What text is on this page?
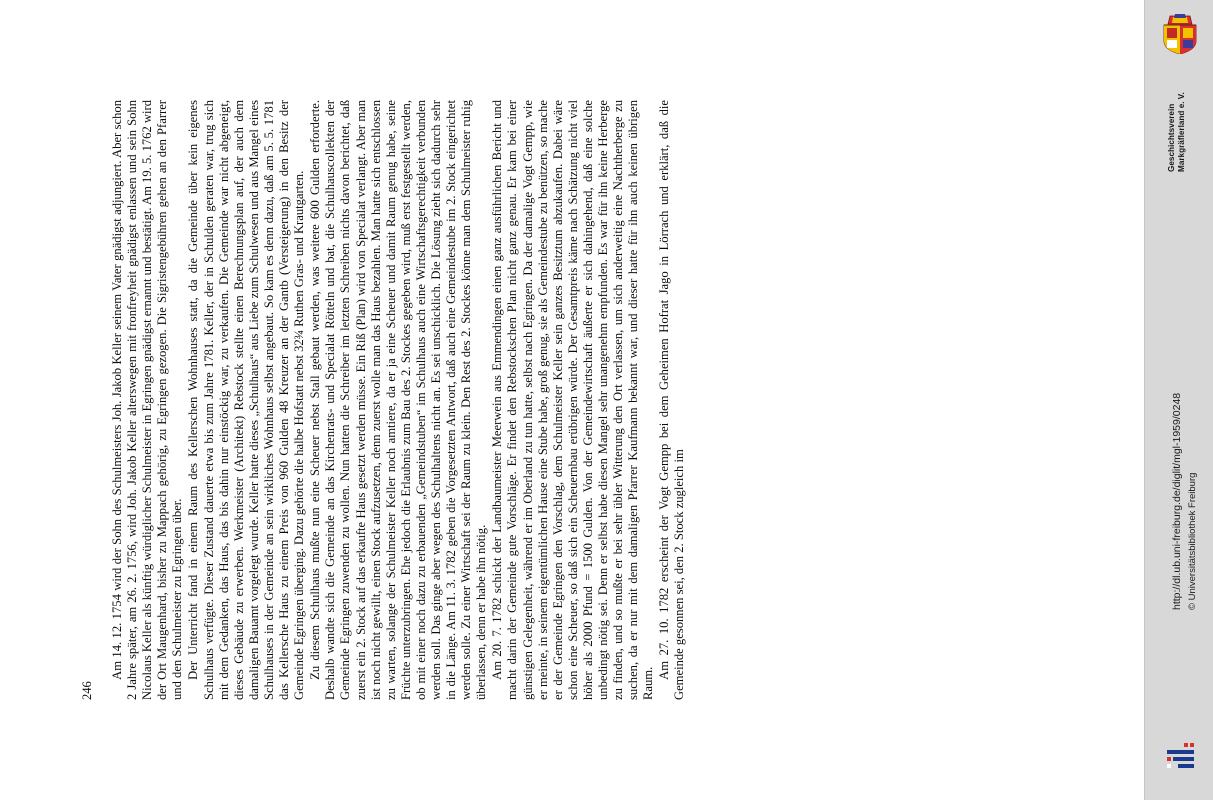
246

Am 14. 12. 1754 wird der Sohn des Schulmeisters Joh. Jakob Keller seinem Vater gnädigst adjungiert. Aber schon 2 Jahre später, am 26. 2. 1756, wird Joh. Jakob Keller alterswegen mit fronfreyheit gnädigst enlassen und sein Sohn Nicolaus Keller als künftig würdiglicher Schulmeister in Egringen gnädigst ernannt und bestätigt. Am 19. 5. 1762 wird der Ort Maugenhard, bisher zu Mappach gehörig, zu Egringen gezogen. Die Sigristengebühren gehen an den Pfarrer und den Schulmeister zu Egringen über. Der Unterricht fand in einem Raum des Kellerschen Wohnhauses statt, da die Gemeinde über kein eigenes Schulhaus verfügte. Dieser Zustand dauerte etwa bis zum Jahre 1781. Keller, der in Schulden geraten war, trug sich mit dem Gedanken, das Haus, das bis dahin nur einstöckig war, zu verkaufen. Die Gemeinde war nicht abgeneigt, dieses Gebäude zu erwerben. Werkmeister (Architekt) Rebstock stellte einen Berechnungsplan auf, der auch dem damaligen Bauamt vorgelegt wurde. Keller hatte dieses „Schulhaus“ aus Liebe zum Schulwesen und aus Mangel eines Schulhauses in der Gemeinde an sein wirkliches Wohnhaus selbst angebaut. So kam es denn dazu, daß am 5. 5. 1781 das Kellersche Haus zu einem Preis von 960 Gulden 48 Kreuzer an der Gantb (Versteigerung) in den Besitz der Gemeinde Egringen überging. Dazu gehörte die halbe Hofstatt nebst 32¾ Ruthen Gras- und Krautgarten. Zu diesem Schulhaus mußte nun eine Scheuer nebst Stall gebaut werden, was weitere 600 Gulden erforderte. Deshalb wandte sich die Gemeinde an das Kirchenrats- und Specialat Rötteln und bat, die Schulhauscollekten der Gemeinde Egringen zuwenden zu wollen. Nun hatten die Schreiber im letzten Schreiben nichts davon berichtet, daß zuerst ein 2. Stock auf das erkaufte Haus gesetzt werden müsse. Ein Riß (Plan) wird von Specialat verlangt. Aber man ist noch nicht gewillt, einen Stock aufzusetzen, denn zuerst wolle man das Haus bezahlen. Man hatte sich entschlossen zu warten, solange der Schulmeister Keller noch amtiere, da er ja eine Scheuer und damit Raum genug habe, seine Früchte unterzubringen. Ehe jedoch die Erlaubnis zum Bau des 2. Stockes gegeben wird, muß erst festgestellt werden, ob mit einer noch dazu zu erbauenden „Gemeindstuben“ im Schulhaus auch eine Wirtschaftsgerechtigkeit verbunden werden soll. Das ginge aber wegen des Schulhaltens nicht an. Es sei unschicklich. Die Lösung zieht sich dadurch sehr in die Länge. Am 11. 3. 1782 geben die Vorgesetzten Antwort, daß auch eine Gemeindestube im 2. Stock eingerichtet werden solle. Zu einer Wirtschaft sei der Raum zu klein. Den Rest des 2. Stockes könne man dem Schulmeister ruhig überlassen, denn er habe ihn nötig. Am 20. 7. 1782 schickt der Landbaumeister Meerwein aus Emmendingen einen ganz ausführlichen Bericht und macht darin der Gemeinde gute Vorschläge. Er findet den Rebstockschen Plan nicht ganz genau. Er kam bei einer günstigen Gelegenheit, während er im Oberland zu tun hatte, selbst nach Egringen. Da der damalige Vogt Gempp, wie er meinte, in seinem eigentümlichen Hause eine Stube habe, groß genug, sie als Gemeindestube zu benützen, so mache er der Gemeinde Egringen den Vorschlag, dem Schulmeister Keller sein ganzes Besitztum abzukaufen. Dabei wäre schon eine Scheuer, so daß sich ein Scheuernbau erübrigen würde. Der Gesamtpreis käme nach Schätzung nicht viel höher als 2000 Pfund = 1500 Gulden. Von der Gemeindewirtschaft äußerte er sich dahingehend, daß eine solche unbedingt nötig sei. Denn er selbst habe diesen Mangel sehr unangenehm empfunden. Es war für ihn keine Herberge zu finden, und so mußte er bei sehr übler Witterung den Ort verlassen, um sich anderweitig eine Nachtherberge zu suchen, da er nur mit dem damaligen Pfarrer Kaufmann bekannt war, und dieser hatte für ihn auch keinen übrigen Raum.

Am 27. 10. 1782 erscheint der Vogt Gempp bei dem Geheimen Hofrat Jago in Lörrach und erklärt, daß die Gemeinde gesonnen sei, den 2. Stock zugleich im

Geschichtsverein Markgräflerland e. V.
http://dl.ub.uni-freiburg.de/diglit/mgl-1959/0248 © Universitätsbibliothek Freiburg
